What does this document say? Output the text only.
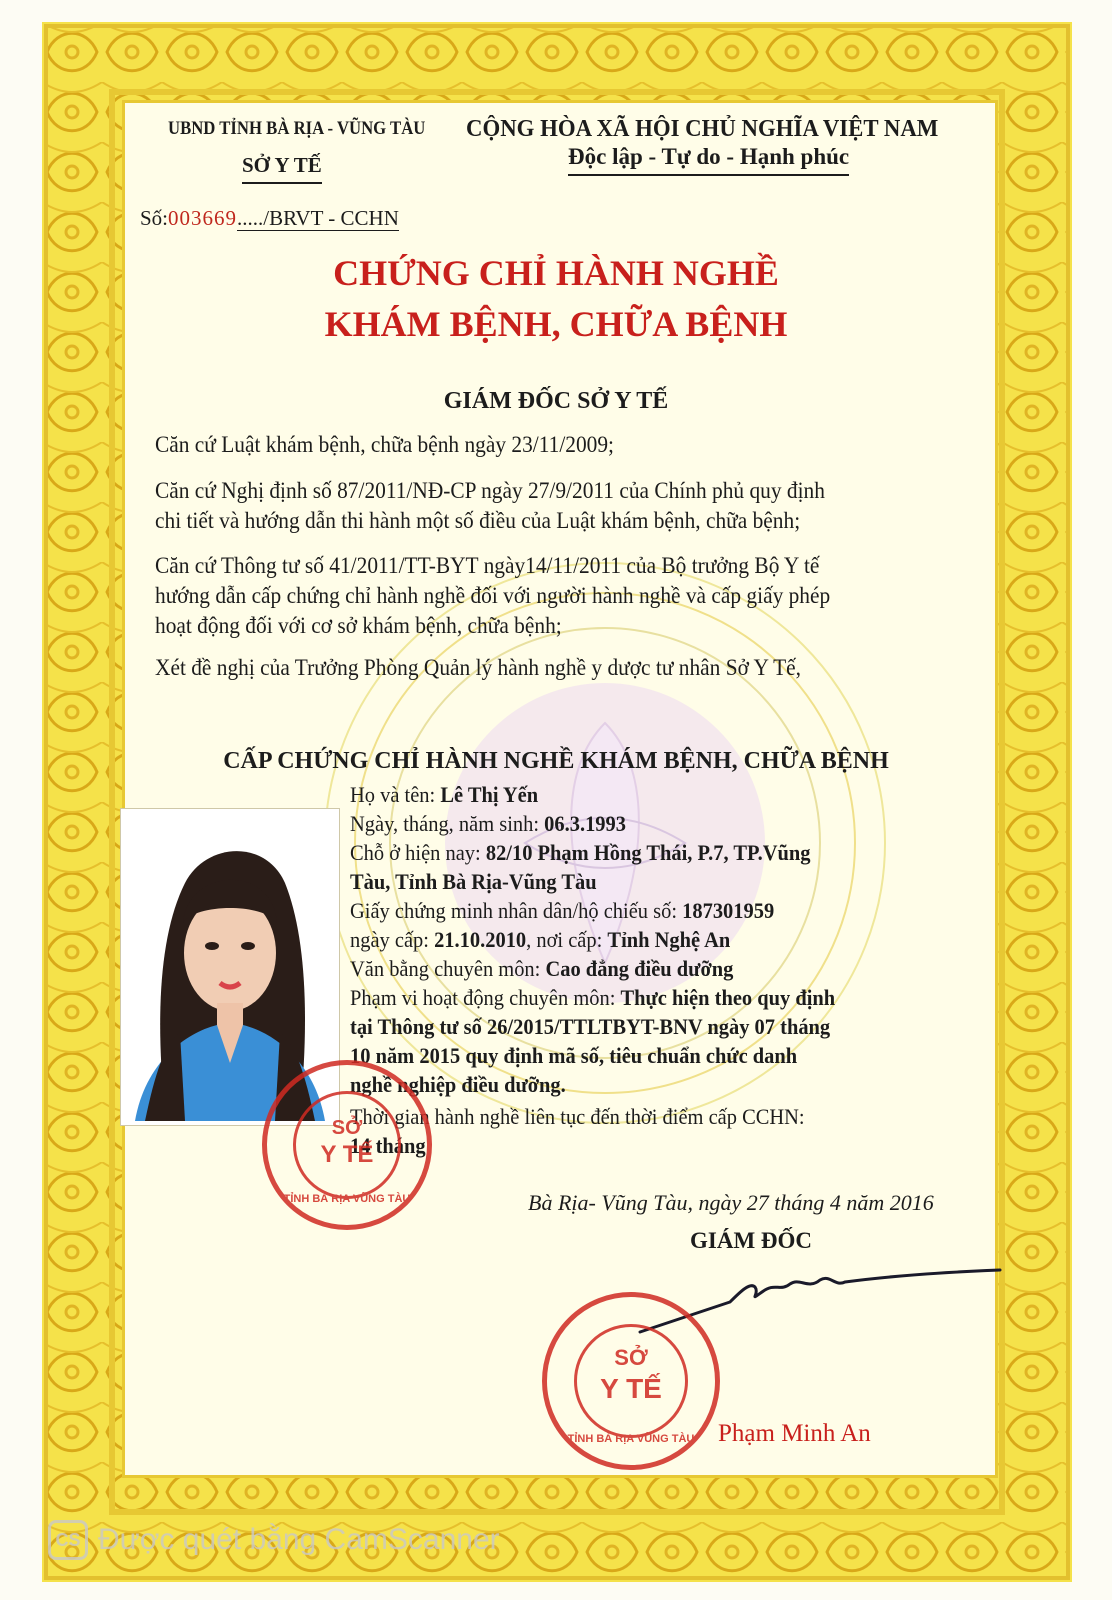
UBND TỈNH BÀ RỊA - VŨNG TÀU
SỞ Y TẾ
CỘNG HÒA XÃ HỘI CHỦ NGHĨA VIỆT NAM
Độc lập - Tự do - Hạnh phúc
Số:003669...../BRVT - CCHN
CHỨNG CHỈ HÀNH NGHỀ
KHÁM BỆNH, CHỮA BỆNH
GIÁM ĐỐC SỞ Y TẾ
Căn cứ Luật khám bệnh, chữa bệnh ngày 23/11/2009;
Căn cứ Nghị định số 87/2011/NĐ-CP ngày 27/9/2011 của Chính phủ quy định
chi tiết và hướng dẫn thi hành một số điều của Luật khám bệnh, chữa bệnh;
Căn cứ Thông tư số 41/2011/TT-BYT ngày14/11/2011 của Bộ trưởng Bộ Y tế
hướng dẫn cấp chứng chỉ hành nghề đối với người hành nghề và cấp giấy phép
hoạt động đối với cơ sở khám bệnh, chữa bệnh;
Xét đề nghị của Trưởng Phòng Quản lý hành nghề y dược tư nhân Sở Y Tế,
CẤP CHỨNG CHỈ HÀNH NGHỀ KHÁM BỆNH, CHỮA BỆNH
Họ và tên: Lê Thị Yến
Ngày, tháng, năm sinh: 06.3.1993
Chỗ ở hiện nay: 82/10 Phạm Hồng Thái, P.7, TP.Vũng
Tàu, Tỉnh Bà Rịa-Vũng Tàu
Giấy chứng minh nhân dân/hộ chiếu số: 187301959
ngày cấp: 21.10.2010, nơi cấp: Tỉnh Nghệ An
Văn bằng chuyên môn: Cao đẳng điều dưỡng
Phạm vi hoạt động chuyên môn: Thực hiện theo quy định
tại Thông tư số 26/2015/TTLTBYT-BNV ngày 07 tháng
10 năm 2015 quy định mã số, tiêu chuẩn chức danh
nghề nghiệp điều dưỡng.
Thời gian hành nghề liên tục đến thời điểm cấp CCHN:
14 tháng
SỞ
Y TẾ
TỈNH BÀ RỊA VŨNG TÀU	Bà Rịa- Vũng Tàu, ngày 27 tháng 4 năm 2016
GIÁM ĐỐC
SỞ
Y TẾ
TỈNH BÀ RỊA VŨNG TÀU Phạm Minh An
CS Được quét bằng CamScanner
